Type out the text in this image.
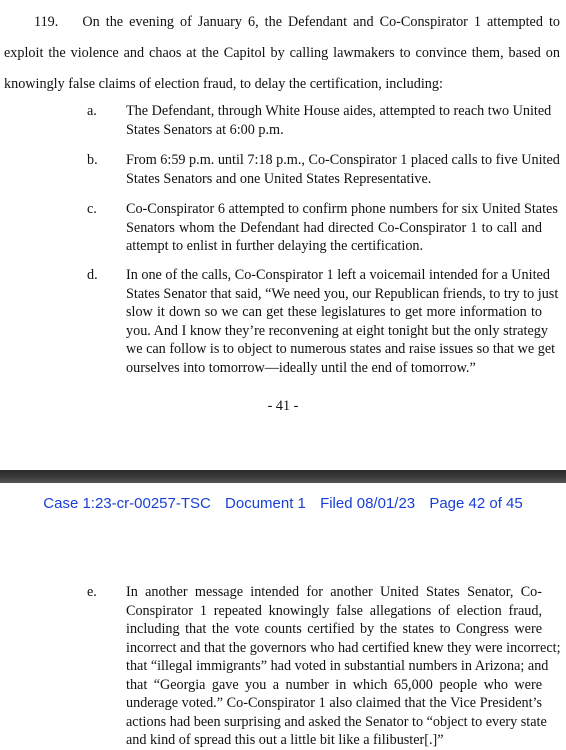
119. On the evening of January 6, the Defendant and Co-Conspirator 1 attempted to
exploit the violence and chaos at the Capitol by calling lawmakers to convince them, based on
knowingly false claims of election fraud, to delay the certification, including:
a. The Defendant, through White House aides, attempted to reach two United
States Senators at 6:00 p.m.
b. From 6:59 p.m. until 7:18 p.m., Co-Conspirator 1 placed calls to five United
States Senators and one United States Representative.
c. Co-Conspirator 6 attempted to confirm phone numbers for six United States
Senators whom the Defendant had directed Co-Conspirator 1 to call and
attempt to enlist in further delaying the certification.
d. In one of the calls, Co-Conspirator 1 left a voicemail intended for a United
States Senator that said, “We need you, our Republican friends, to try to just
slow it down so we can get these legislatures to get more information to
you. And I know they’re reconvening at eight tonight but the only strategy
we can follow is to object to numerous states and raise issues so that we get
ourselves into tomorrow—ideally until the end of tomorrow.”
- 41 -
Case 1:23-cr-00257-TSC Document 1 Filed 08/01/23 Page 42 of 45
e. In another message intended for another United States Senator, Co-
Conspirator 1 repeated knowingly false allegations of election fraud,
including that the vote counts certified by the states to Congress were
incorrect and that the governors who had certified knew they were incorrect;
that “illegal immigrants” had voted in substantial numbers in Arizona; and
that “Georgia gave you a number in which 65,000 people who were
underage voted.” Co-Conspirator 1 also claimed that the Vice President’s
actions had been surprising and asked the Senator to “object to every state
and kind of spread this out a little bit like a filibuster[.]”
